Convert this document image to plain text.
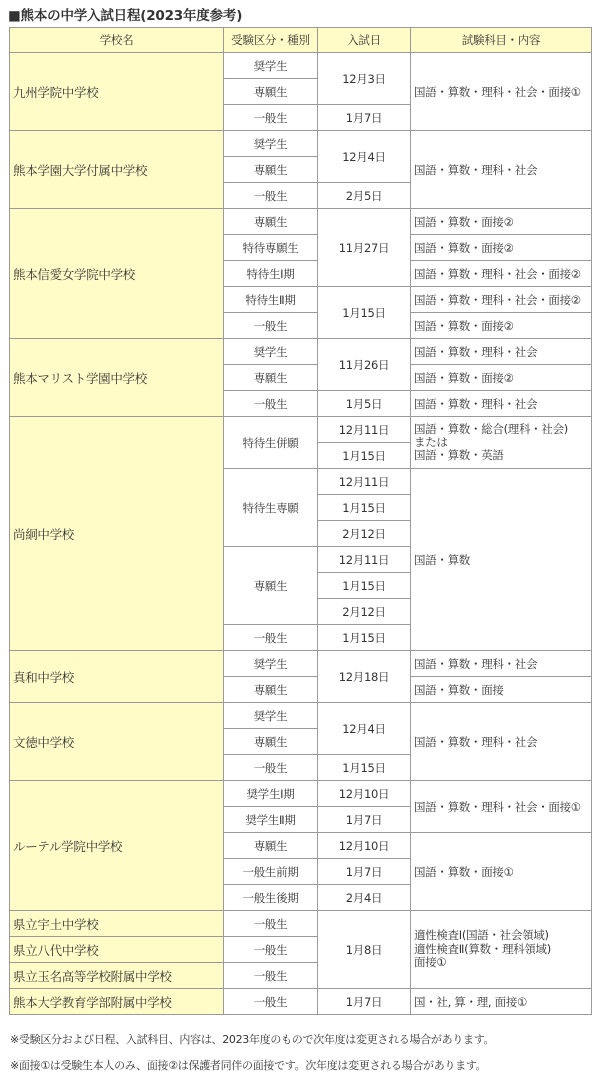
■熊本の中学入試日程(2023年度参考)
学校名	受験区分・種別	入試日	試験科目・内容
九州学院中学校	奨学生	12月3日	国語・算数・理科・社会・面接①
	専願生		
	一般生	1月7日	
熊本学園大学付属中学校	奨学生	12月4日	国語・算数・理科・社会
	専願生		
	一般生	2月5日	
熊本信愛女学院中学校	専願生	11月27日	国語・算数・面接②
	特待専願生		国語・算数・面接②
	特待生Ⅰ期		国語・算数・理科・社会・面接②
	特待生Ⅱ期	1月15日	国語・算数・理科・社会・面接②
	一般生		国語・算数・面接②
熊本マリスト学園中学校	奨学生	11月26日	国語・算数・理科・社会
	専願生		国語・算数・面接②
	一般生	1月5日	国語・算数・理科・社会
尚絅中学校	特待生併願	12月11日	国語・算数・総合(理科・社会)
または
国語・算数・英語

		1月15日	
	特待生専願	12月11日	国語・算数
		1月15日	
		2月12日	
	専願生	12月11日	
		1月15日	
		2月12日	
	一般生	1月15日	
真和中学校	奨学生	12月18日	国語・算数・理科・社会
	専願生		国語・算数・面接
文徳中学校	奨学生	12月4日	国語・算数・理科・社会
	専願生		
	一般生	1月15日	
ルーテル学院中学校	奨学生Ⅰ期	12月10日	国語・算数・理科・社会・面接①
	奨学生Ⅱ期	1月7日	
	専願生	12月10日	国語・算数・面接①
	一般生前期	1月7日	
	一般生後期	2月4日	
県立宇土中学校	一般生	1月8日	適性検査Ⅰ(国語・社会領域)
適性検査Ⅱ(算数・理科領域)
面接①

県立八代中学校	一般生		
県立玉名高等学校附属中学校	一般生		
熊本大学教育学部附属中学校	一般生	1月7日	国・社, 算・理, 面接①
※受験区分および日程、入試科目、内容は、2023年度のもので次年度は変更される場合があります。
※面接①は受験生本人のみ、面接②は保護者同伴の面接です。次年度は変更される場合があります。
